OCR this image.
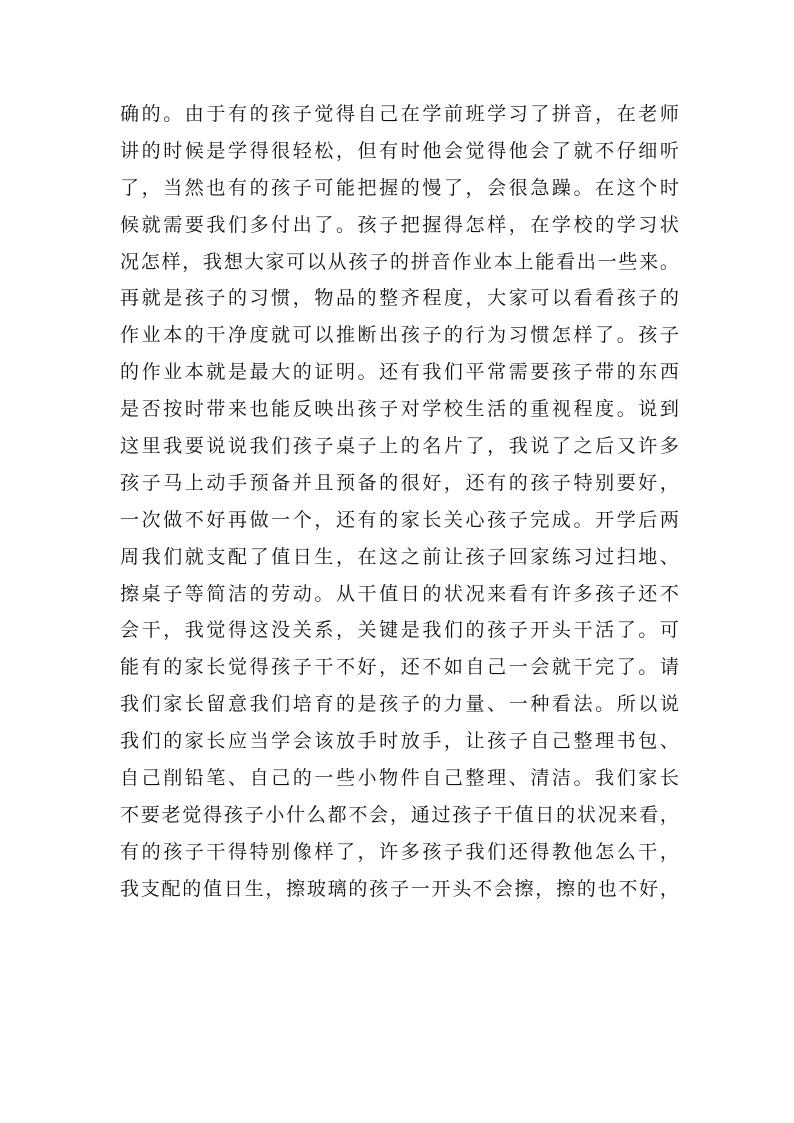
确的。由于有的孩子觉得自己在学前班学习了拼音，在老师
讲的时候是学得很轻松，但有时他会觉得他会了就不仔细听
了，当然也有的孩子可能把握的慢了，会很急躁。在这个时
候就需要我们多付出了。孩子把握得怎样，在学校的学习状
况怎样，我想大家可以从孩子的拼音作业本上能看出一些来。
再就是孩子的习惯，物品的整齐程度，大家可以看看孩子的
作业本的干净度就可以推断出孩子的行为习惯怎样了。孩子
的作业本就是最大的证明。还有我们平常需要孩子带的东西
是否按时带来也能反映出孩子对学校生活的重视程度。说到
这里我要说说我们孩子桌子上的名片了，我说了之后又许多
孩子马上动手预备并且预备的很好，还有的孩子特别要好，
一次做不好再做一个，还有的家长关心孩子完成。开学后两
周我们就支配了值日生，在这之前让孩子回家练习过扫地、
擦桌子等简洁的劳动。从干值日的状况来看有许多孩子还不
会干，我觉得这没关系，关键是我们的孩子开头干活了。可
能有的家长觉得孩子干不好，还不如自己一会就干完了。请
我们家长留意我们培育的是孩子的力量、一种看法。所以说
我们的家长应当学会该放手时放手，让孩子自己整理书包、
自己削铅笔、自己的一些小物件自己整理、清洁。我们家长
不要老觉得孩子小什么都不会，通过孩子干值日的状况来看，
有的孩子干得特别像样了，许多孩子我们还得教他怎么干，
我支配的值日生，擦玻璃的孩子一开头不会擦，擦的也不好，
